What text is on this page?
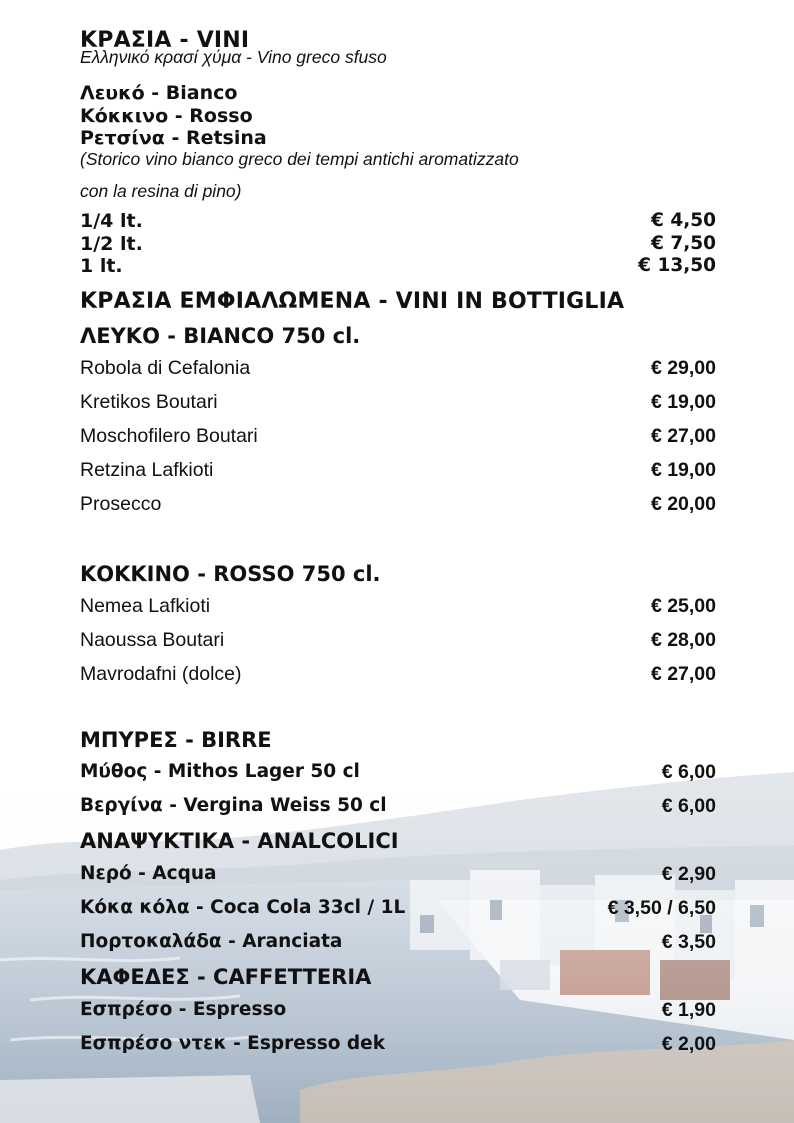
ΚΡΑΣΙΑ - VINI
Ελληνικό κρασί χύμα - Vino greco sfuso
Λευκό - Bianco
Κόκκινο - Rosso
Ρετσίνα - Retsina
(Storico vino bianco greco dei tempi antichi aromatizzato
con la resina di pino)
1/4 lt.	€ 4,50
1/2 lt.	€ 7,50
1 lt.	€ 13,50
ΚΡΑΣΙΑ ΕΜΦΙΑΛΩΜΕΝΑ - VINI IN BOTTIGLIA
ΛΕΥΚΟ - BIANCO 750 cl.
Robola di Cefalonia	€ 29,00
Kretikos Boutari	€ 19,00
Moschofilero Boutari	€ 27,00
Retzina Lafkioti	€ 19,00
Prosecco	€ 20,00
ΚΟΚΚΙΝΟ - ROSSO 750 cl.
Nemea Lafkioti	€ 25,00
Naoussa Boutari	€ 28,00
Mavrodafni (dolce)	€ 27,00
ΜΠΥΡΕΣ - BIRRE
Μύθος - Mithos Lager 50 cl	€ 6,00
Βεργίνα - Vergina Weiss 50 cl	€ 6,00
ΑΝΑΨΥΚΤΙΚΑ - ANALCOLICI
Νερό - Acqua	€ 2,90
Κόκα κόλα - Coca Cola 33cl / 1L	€ 3,50 / 6,50
Πορτοκαλάδα - Aranciata	€ 3,50
ΚΑΦΕΔΕΣ - CAFFETTERIA
Εσπρέσο - Espresso	€ 1,90
Εσπρέσο ντεκ - Espresso dek	€ 2,00
